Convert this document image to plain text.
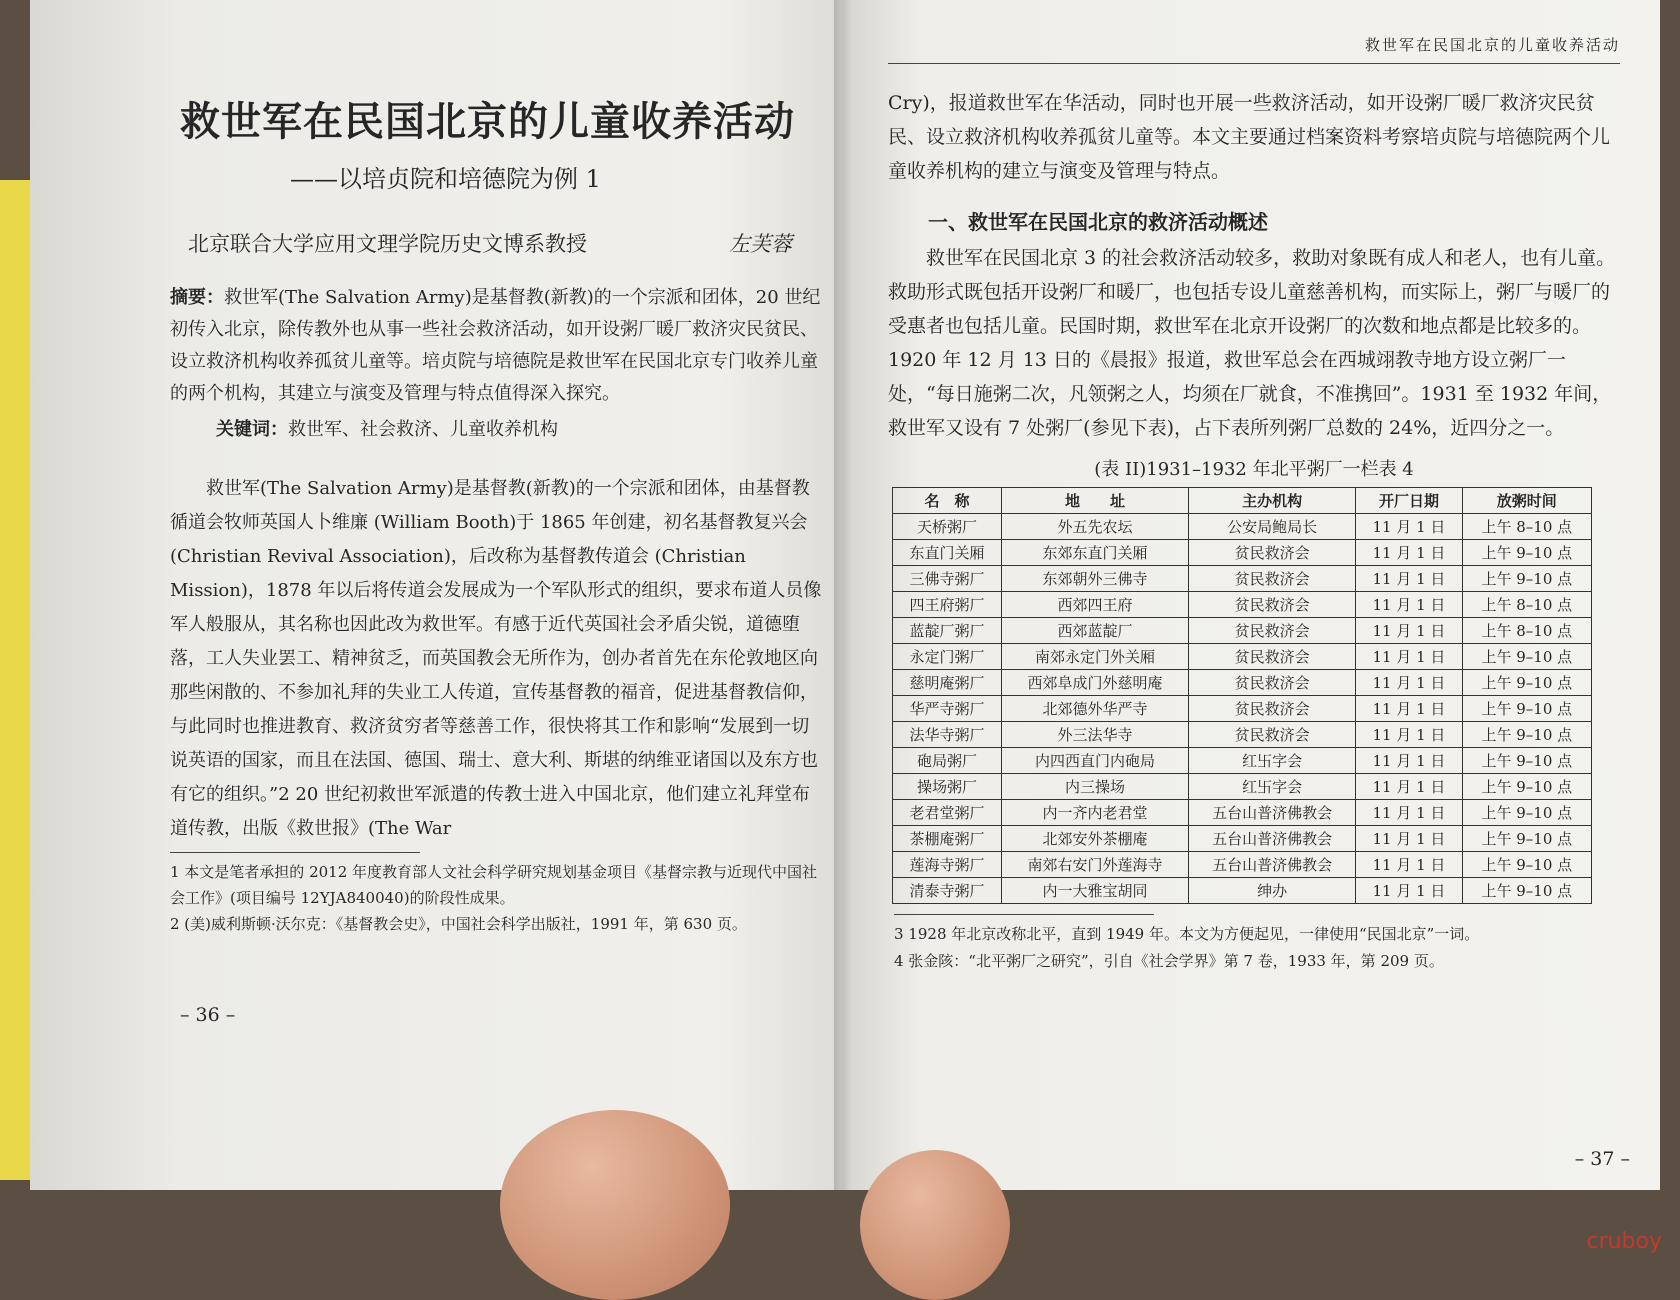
救世军在民国北京的儿童收养活动
——以培贞院和培德院为例 1
北京联合大学应用文理学院历史文博系教授	左芙蓉
摘要：救世军(The Salvation Army)是基督教(新教)的一个宗派和团体，20 世纪初传入北京，除传教外也从事一些社会救济活动，如开设粥厂暖厂救济灾民贫民、设立救济机构收养孤贫儿童等。培贞院与培德院是救世军在民国北京专门收养儿童的两个机构，其建立与演变及管理与特点值得深入探究。
关键词：救世军、社会救济、儿童收养机构

救世军(The Salvation Army)是基督教(新教)的一个宗派和团体，由基督教循道会牧师英国人卜维廉 (William Booth)于 1865 年创建，初名基督教复兴会 (Christian Revival Association)，后改称为基督教传道会 (Christian Mission)，1878 年以后将传道会发展成为一个军队形式的组织，要求布道人员像军人般服从，其名称也因此改为救世军。有感于近代英国社会矛盾尖锐，道德堕落，工人失业罢工、精神贫乏，而英国教会无所作为，创办者首先在东伦敦地区向那些闲散的、不参加礼拜的失业工人传道，宣传基督教的福音，促进基督教信仰，与此同时也推进教育、救济贫穷者等慈善工作，很快将其工作和影响“发展到一切说英语的国家，而且在法国、德国、瑞士、意大利、斯堪的纳维亚诸国以及东方也有它的组织。”2 20 世纪初救世军派遣的传教士进入中国北京，他们建立礼拜堂布道传教，出版《救世报》(The War

1 本文是笔者承担的 2012 年度教育部人文社会科学研究规划基金项目《基督宗教与近现代中国社会工作》(项目编号 12YJA840040)的阶段性成果。
2 (美)威利斯顿·沃尔克：《基督教会史》，中国社会科学出版社，1991 年，第 630 页。
– 36 –
救世军在民国北京的儿童收养活动

Cry)，报道救世军在华活动，同时也开展一些救济活动，如开设粥厂暖厂救济灾民贫民、设立救济机构收养孤贫儿童等。本文主要通过档案资料考察培贞院与培德院两个儿童收养机构的建立与演变及管理与特点。

一、救世军在民国北京的救济活动概述

救世军在民国北京 3 的社会救济活动较多，救助对象既有成人和老人，也有儿童。救助形式既包括开设粥厂和暖厂，也包括专设儿童慈善机构，而实际上，粥厂与暖厂的受惠者也包括儿童。民国时期，救世军在北京开设粥厂的次数和地点都是比较多的。1920 年 12 月 13 日的《晨报》报道，救世军总会在西城翊教寺地方设立粥厂一处，“每日施粥二次，凡领粥之人，均须在厂就食，不准携回”。1931 至 1932 年间，救世军又设有 7 处粥厂(参见下表)，占下表所列粥厂总数的 24%，近四分之一。

(表 II)1931–1932 年北平粥厂一栏表 4
名　称	地　　址	主办机构	开厂日期	放粥时间
天桥粥厂	外五先农坛	公安局鲍局长	11 月 1 日	上午 8–10 点
东直门关厢	东郊东直门关厢	贫民救济会	11 月 1 日	上午 9–10 点
三佛寺粥厂	东郊朝外三佛寺	贫民救济会	11 月 1 日	上午 9–10 点
四王府粥厂	西郊四王府	贫民救济会	11 月 1 日	上午 8–10 点
蓝靛厂粥厂	西郊蓝靛厂	贫民救济会	11 月 1 日	上午 8–10 点
永定门粥厂	南郊永定门外关厢	贫民救济会	11 月 1 日	上午 9–10 点
慈明庵粥厂	西郊阜成门外慈明庵	贫民救济会	11 月 1 日	上午 9–10 点
华严寺粥厂	北郊德外华严寺	贫民救济会	11 月 1 日	上午 9–10 点
法华寺粥厂	外三法华寺	贫民救济会	11 月 1 日	上午 9–10 点
砲局粥厂	内四西直门内砲局	红卐字会	11 月 1 日	上午 9–10 点
操场粥厂	内三操场	红卐字会	11 月 1 日	上午 9–10 点
老君堂粥厂	内一齐内老君堂	五台山普济佛教会	11 月 1 日	上午 9–10 点
茶棚庵粥厂	北郊安外茶棚庵	五台山普济佛教会	11 月 1 日	上午 9–10 点
莲海寺粥厂	南郊右安门外莲海寺	五台山普济佛教会	11 月 1 日	上午 9–10 点
清泰寺粥厂	内一大雅宝胡同	绅办	11 月 1 日	上午 9–10 点
3 1928 年北京改称北平，直到 1949 年。本文为方便起见，一律使用“民国北京”一词。
4 张金陔：“北平粥厂之研究”，引自《社会学界》第 7 卷，1933 年，第 209 页。
– 37 –
cruboy
